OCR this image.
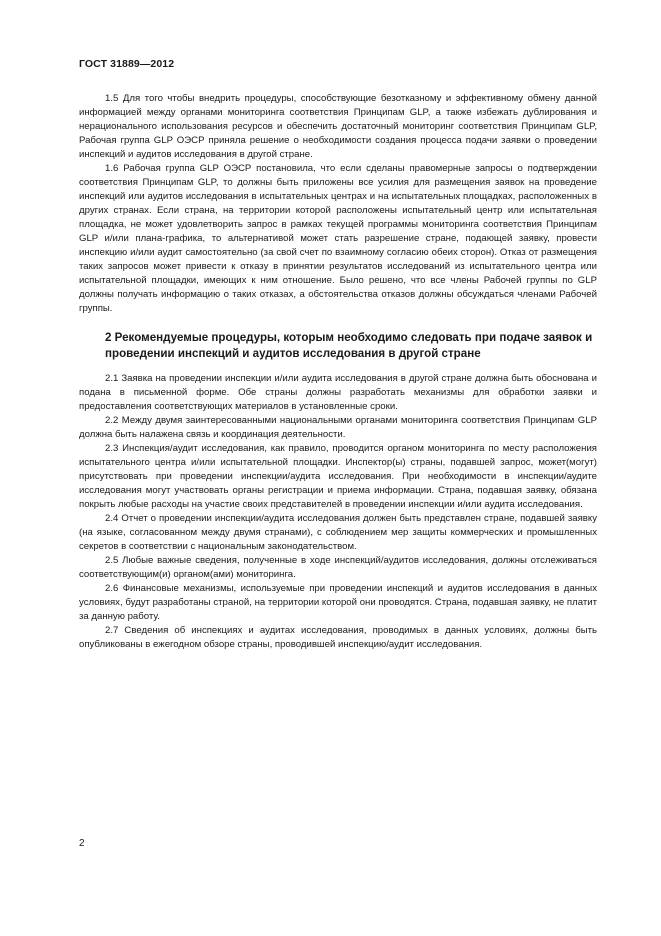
ГОСТ 31889—2012

1.5 Для того чтобы внедрить процедуры, способствующие безотказному и эффективному обмену данной информацией между органами мониторинга соответствия Принципам GLP, а также избежать дублирования и нерационального использования ресурсов и обеспечить достаточный мониторинг соответствия Принципам GLP, Рабочая группа GLP ОЭСР приняла решение о необходимости создания процесса подачи заявки о проведении инспекций и аудитов исследования в другой стране.

1.6 Рабочая группа GLP ОЭСР постановила, что если сделаны правомерные запросы о подтверждении соответствия Принципам GLP, то должны быть приложены все усилия для размещения заявок на проведение инспекций или аудитов исследования в испытательных центрах и на испытательных площадках, расположенных в других странах. Если страна, на территории которой расположены испытательный центр или испытательная площадка, не может удовлетворить запрос в рамках текущей программы мониторинга соответствия Принципам GLP и/или плана-графика, то альтернативой может стать разрешение стране, подающей заявку, провести инспекцию и/или аудит самостоятельно (за свой счет по взаимному согласию обеих сторон). Отказ от размещения таких запросов может привести к отказу в принятии результатов исследований из испытательного центра или испытательной площадки, имеющих к ним отношение. Было решено, что все члены Рабочей группы по GLP должны получать информацию о таких отказах, а обстоятельства отказов должны обсуждаться членами Рабочей группы.

2 Рекомендуемые процедуры, которым необходимо следовать при подаче заявок и проведении инспекций и аудитов исследования в другой стране

2.1 Заявка на проведении инспекции и/или аудита исследования в другой стране должна быть обоснована и подана в письменной форме. Обе страны должны разработать механизмы для обработки заявки и предоставления соответствующих материалов в установленные сроки.

2.2 Между двумя заинтересованными национальными органами мониторинга соответствия Принципам GLP должна быть налажена связь и координация деятельности.

2.3 Инспекция/аудит исследования, как правило, проводится органом мониторинга по месту расположения испытательного центра и/или испытательной площадки. Инспектор(ы) страны, подавшей запрос, может(могут) присутствовать при проведении инспекции/аудита исследования. При необходимости в инспекции/аудите исследования могут участвовать органы регистрации и приема информации. Страна, подавшая заявку, обязана покрыть любые расходы на участие своих представителей в проведении инспекции и/или аудита исследования.

2.4 Отчет о проведении инспекции/аудита исследования должен быть представлен стране, подавшей заявку (на языке, согласованном между двумя странами), с соблюдением мер защиты коммерческих и промышленных секретов в соответствии с национальным законодательством.

2.5 Любые важные сведения, полученные в ходе инспекций/аудитов исследования, должны отслеживаться соответствующим(и) органом(ами) мониторинга.

2.6 Финансовые механизмы, используемые при проведении инспекций и аудитов исследования в данных условиях, будут разработаны страной, на территории которой они проводятся. Страна, подавшая заявку, не платит за данную работу.

2.7 Сведения об инспекциях и аудитах исследования, проводимых в данных условиях, должны быть опубликованы в ежегодном обзоре страны, проводившей инспекцию/аудит исследования.

2
